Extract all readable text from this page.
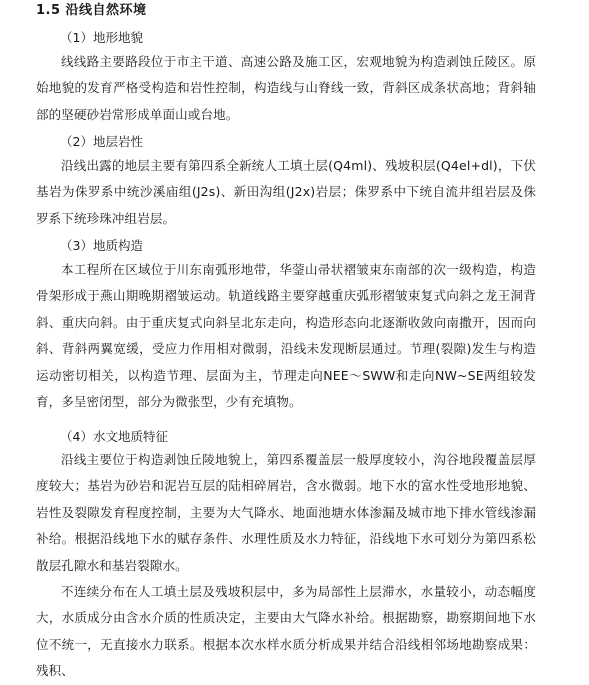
1.5 沿线自然环境
（1）地形地貌
线线路主要路段位于市主干道、高速公路及施工区，宏观地貌为构造剥蚀丘陵区。原始地貌的发育严格受构造和岩性控制，构造线与山脊线一致，背斜区成条状高地；背斜轴部的坚硬砂岩常形成单面山或台地。
（2）地层岩性
沿线出露的地层主要有第四系全新统人工填土层(Q4ml)、残坡积层(Q4el+dl)，下伏基岩为侏罗系中统沙溪庙组(J2s)、新田沟组(J2x)岩层；侏罗系中下统自流井组岩层及侏罗系下统珍珠冲组岩层。
（3）地质构造
本工程所在区域位于川东南弧形地带，华蓥山帚状褶皱束东南部的次一级构造，构造骨架形成于燕山期晚期褶皱运动。轨道线路主要穿越重庆弧形褶皱束复式向斜之龙王洞背斜、重庆向斜。由于重庆复式向斜呈北东走向，构造形态向北逐渐收敛向南撒开，因而向斜、背斜两翼宽缓，受应力作用相对微弱，沿线未发现断层通过。节理(裂隙)发生与构造运动密切相关，以构造节理、层面为主，节理走向NEE～SWW和走向NW~SE两组较发育，多呈密闭型，部分为微张型，少有充填物。
（4）水文地质特征
沿线主要位于构造剥蚀丘陵地貌上，第四系覆盖层一般厚度较小，沟谷地段覆盖层厚度较大；基岩为砂岩和泥岩互层的陆相碎屑岩，含水微弱。地下水的富水性受地形地貌、岩性及裂隙发育程度控制，主要为大气降水、地面池塘水体渗漏及城市地下排水管线渗漏补给。根据沿线地下水的赋存条件、水理性质及水力特征，沿线地下水可划分为第四系松散层孔隙水和基岩裂隙水。
不连续分布在人工填土层及残坡积层中，多为局部性上层滞水，水量较小，动态幅度大，水质成分由含水介质的性质决定，主要由大气降水补给。根据勘察，勘察期间地下水位不统一，无直接水力联系。根据本次水样水质分析成果并结合沿线相邻场地勘察成果：残积、
